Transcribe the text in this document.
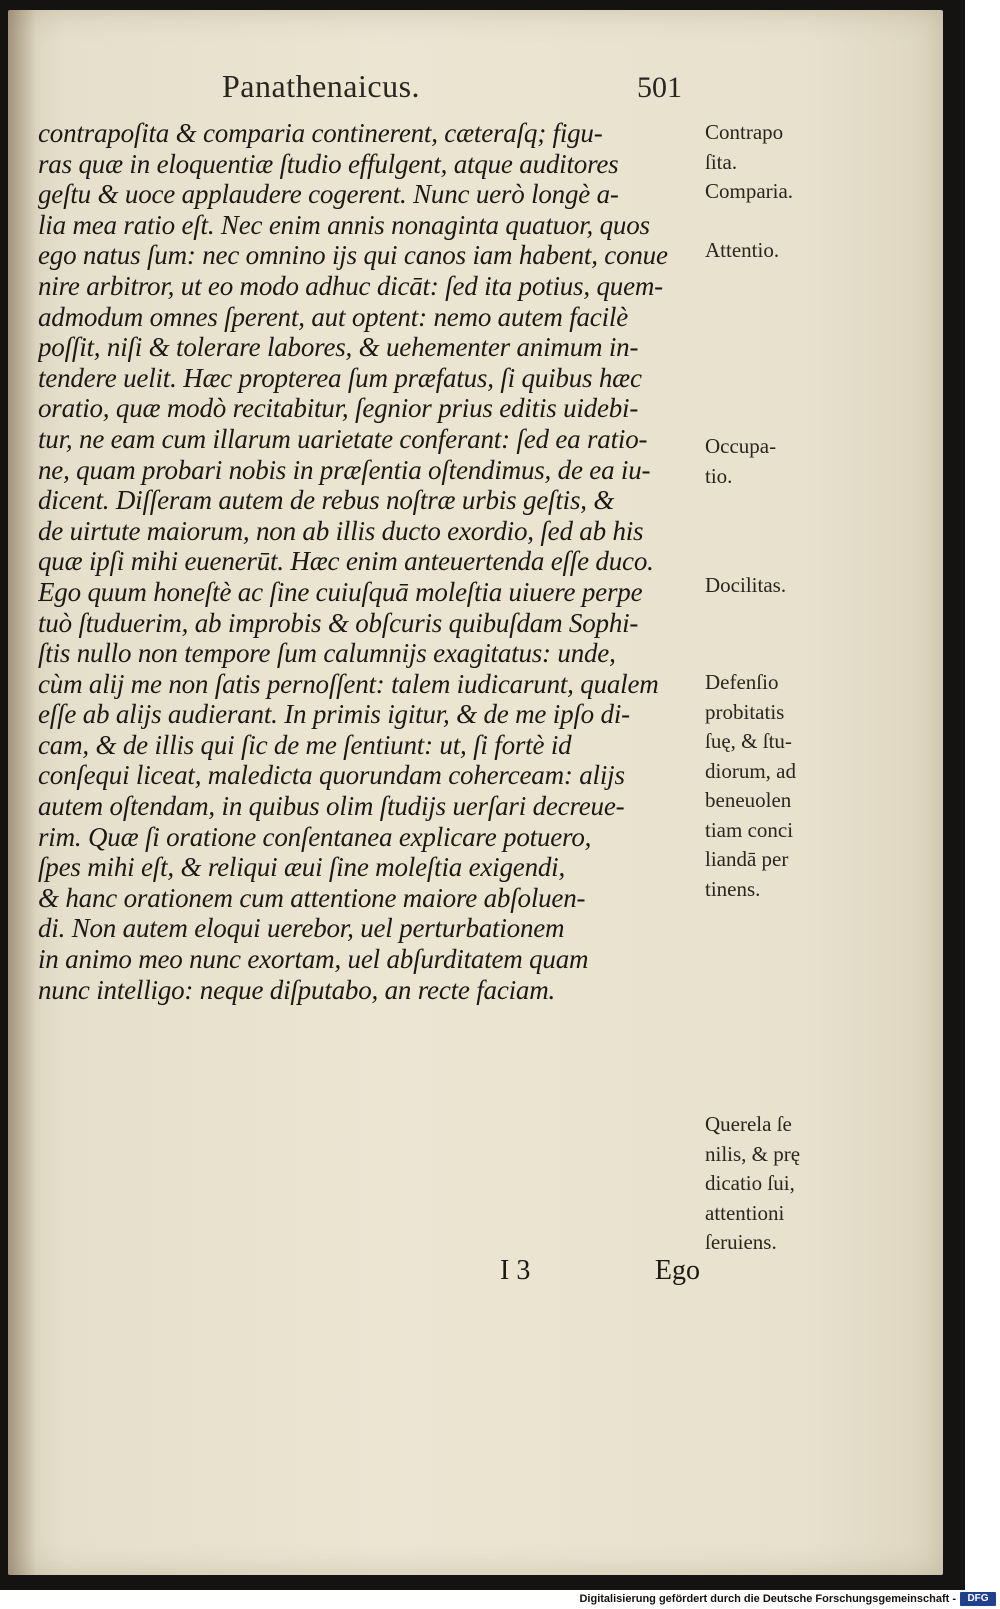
Panathenaicus.	501
contrapoſita & comparia continerent, cæteraſq; figu-
ras quæ in eloquentiæ ſtudio effulgent, atque auditores
geſtu & uoce applaudere cogerent. Nunc uerò longè a-
lia mea ratio eſt. Nec enim annis nonaginta quatuor, quos
ego natus ſum: nec omnino ijs qui canos iam habent, conue
nire arbitror, ut eo modo adhuc dicāt: ſed ita potius, quem-
admodum omnes ſperent, aut optent: nemo autem facilè
poſſit, niſi & tolerare labores, & uehementer animum in-
tendere uelit. Hæc propterea ſum præfatus, ſi quibus hæc
oratio, quæ modò recitabitur, ſegnior prius editis uidebi-
tur, ne eam cum illarum uarietate conferant: ſed ea ratio-
ne, quam probari nobis in præſentia oſtendimus, de ea iu-
dicent. Diſſeram autem de rebus noſtræ urbis geſtis, &
de uirtute maiorum, non ab illis ducto exordio, ſed ab his
quæ ipſi mihi euenerūt. Hæc enim anteuertenda eſſe duco.
Ego quum honeſtè ac ſine cuiuſquā moleſtia uiuere perpe
tuò ſtuduerim, ab improbis & obſcuris quibuſdam Sophi-
ſtis nullo non tempore ſum calumnijs exagitatus: unde,
cùm alij me non ſatis pernoſſent: talem iudicarunt, qualem
eſſe ab alijs audierant. In primis igitur, & de me ipſo di-
cam, & de illis qui ſic de me ſentiunt: ut, ſi fortè id
conſequi liceat, maledicta quorundam coherceam: alijs
autem oſtendam, in quibus olim ſtudijs uerſari decreue-
rim. Quæ ſi oratione conſentanea explicare potuero,
ſpes mihi eſt, & reliqui æui ſine moleſtia exigendi,
& hanc orationem cum attentione maiore abſoluen-
di. Non autem eloqui uerebor, uel perturbationem
in animo meo nunc exortam, uel abſurditatem quam
nunc intelligo: neque diſputabo, an recte faciam.
I 3	Ego
Contrapo
ſita.
Comparia.
Attentio.
Occupa-
tio.
Docilitas.
Defenſio
probitatis
ſuę, & ſtu-
diorum, ad
beneuolen
tiam conci
liandā per
tinens.
Querela ſe
nilis, & prę
dicatio ſui,
attentioni
ſeruiens.
Digitalisierung gefördert durch die Deutsche Forschungsgemeinschaft -	DFG
